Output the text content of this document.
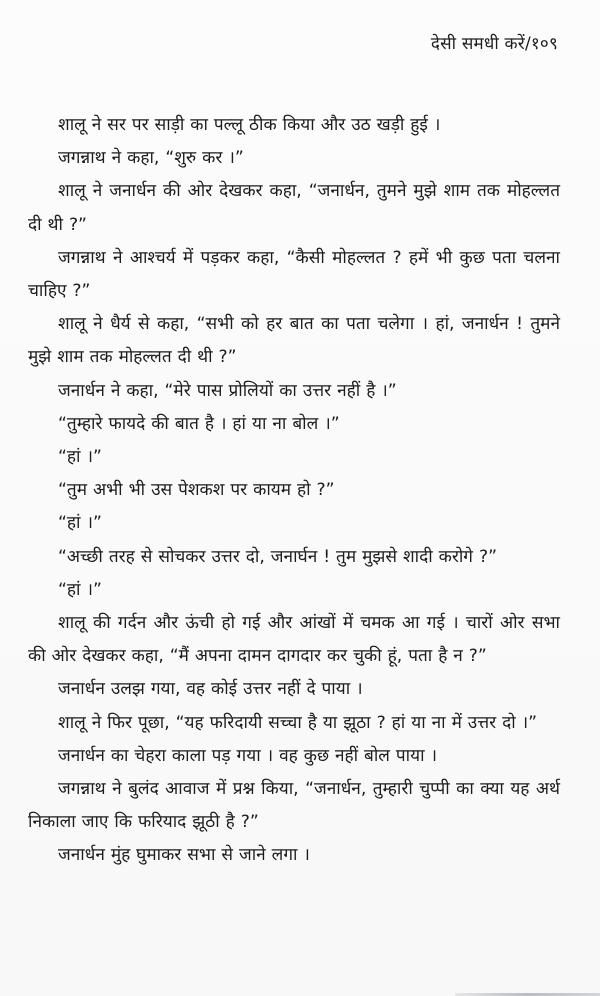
देसी समधी करें/१०९

शालू ने सर पर साड़ी का पल्लू ठीक किया और उठ खड़ी हुई ।

जगन्नाथ ने कहा, “शुरु कर ।”

शालू ने जनार्धन की ओर देखकर कहा, “जनार्धन, तुमने मुझे शाम तक मोहल्लत दी थी ?”

जगन्नाथ ने आश्चर्य में पड़कर कहा, “कैसी मोहल्लत ? हमें भी कुछ पता चलना चाहिए ?”

शालू ने धैर्य से कहा, “सभी को हर बात का पता चलेगा । हां, जनार्धन ! तुमने मुझे शाम तक मोहल्लत दी थी ?”

जनार्धन ने कहा, “मेरे पास प्रोलियों का उत्तर नहीं है ।”

“तुम्हारे फायदे की बात है । हां या ना बोल ।”

“हां ।”

“तुम अभी भी उस पेशकश पर कायम हो ?”

“हां ।”

“अच्छी तरह से सोचकर उत्तर दो, जनार्घन ! तुम मुझसे शादी करोगे ?”

“हां ।”

शालू की गर्दन और ऊंची हो गई और आंखों में चमक आ गई । चारों ओर सभा की ओर देखकर कहा, “मैं अपना दामन दागदार कर चुकी हूं, पता है न ?”

जनार्धन उलझ गया, वह कोई उत्तर नहीं दे पाया ।

शालू ने फिर पूछा, “यह फरिदायी सच्चा है या झूठा ? हां या ना में उत्तर दो ।”

जनार्धन का चेहरा काला पड़ गया । वह कुछ नहीं बोल पाया ।

जगन्नाथ ने बुलंद आवाज में प्रश्न किया, “जनार्धन, तुम्हारी चुप्पी का क्या यह अर्थ निकाला जाए कि फरियाद झूठी है ?”

जनार्धन मुंह घुमाकर सभा से जाने लगा ।
